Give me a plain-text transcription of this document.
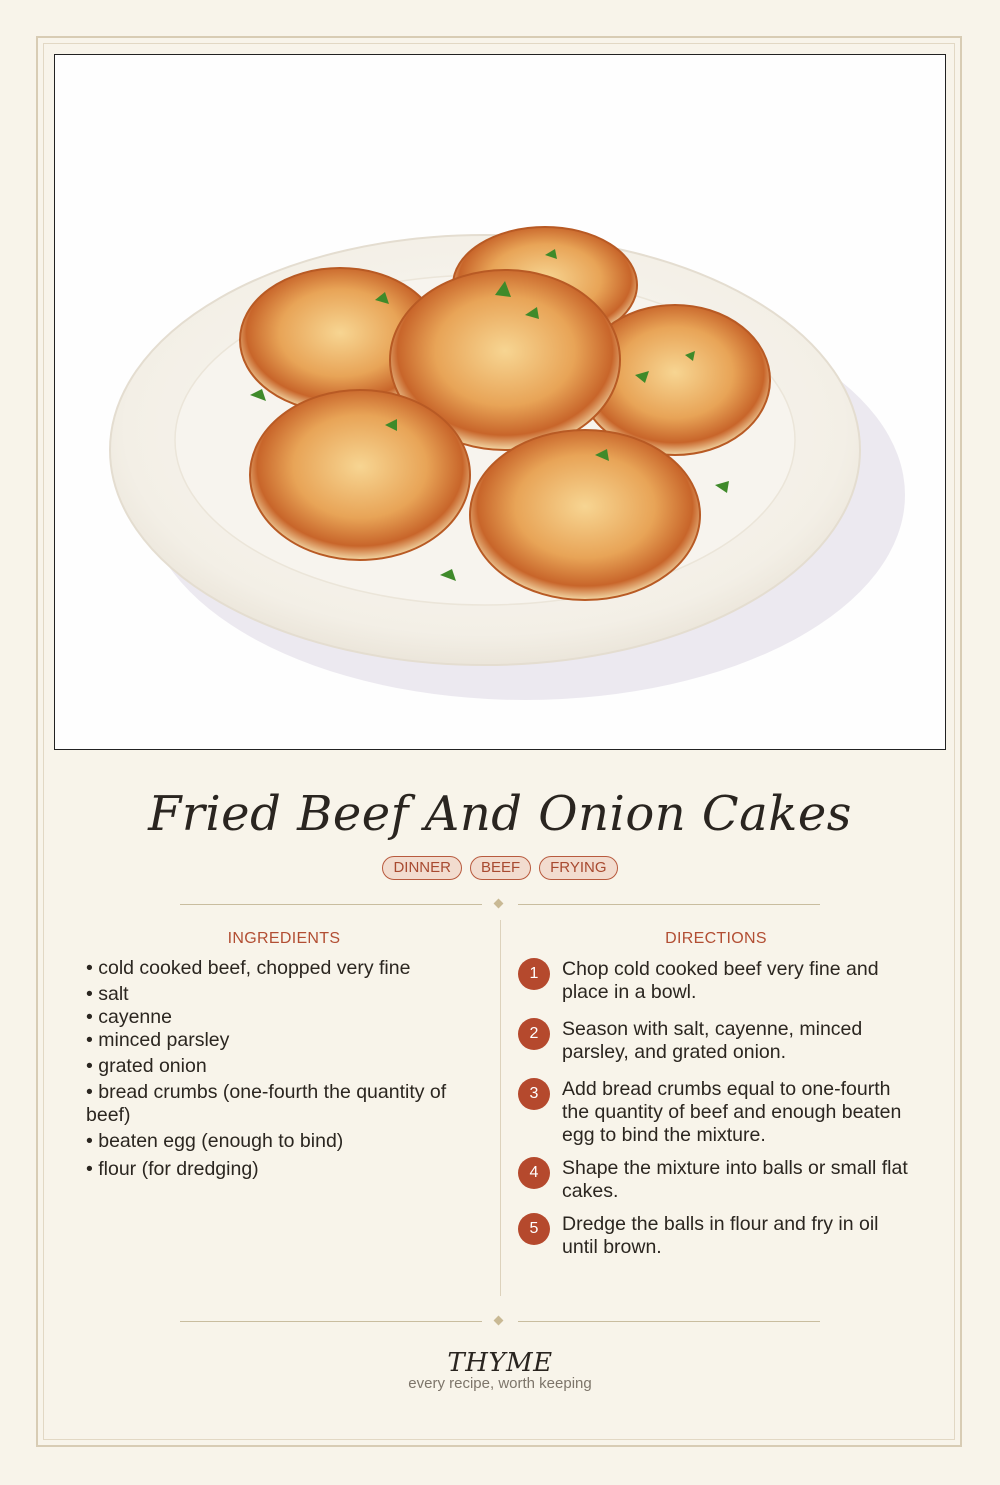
Fried Beef And Onion Cakes
DINNER BEEF FRYING
INGREDIENTS	DIRECTIONS
• cold cooked beef, chopped very fine
• salt
• cayenne
• minced parsley
• grated onion
• bread crumbs (one-fourth the quantity of beef)
• beaten egg (enough to bind)
• flour (for dredging)
1	Chop cold cooked beef very fine and place in a bowl.
2	Season with salt, cayenne, minced parsley, and grated onion.
3	Add bread crumbs equal to one-fourth the quantity of beef and enough beaten egg to bind the mixture.
4	Shape the mixture into balls or small flat cakes.
5	Dredge the balls in flour and fry in oil until brown.
THYME
every recipe, worth keeping
